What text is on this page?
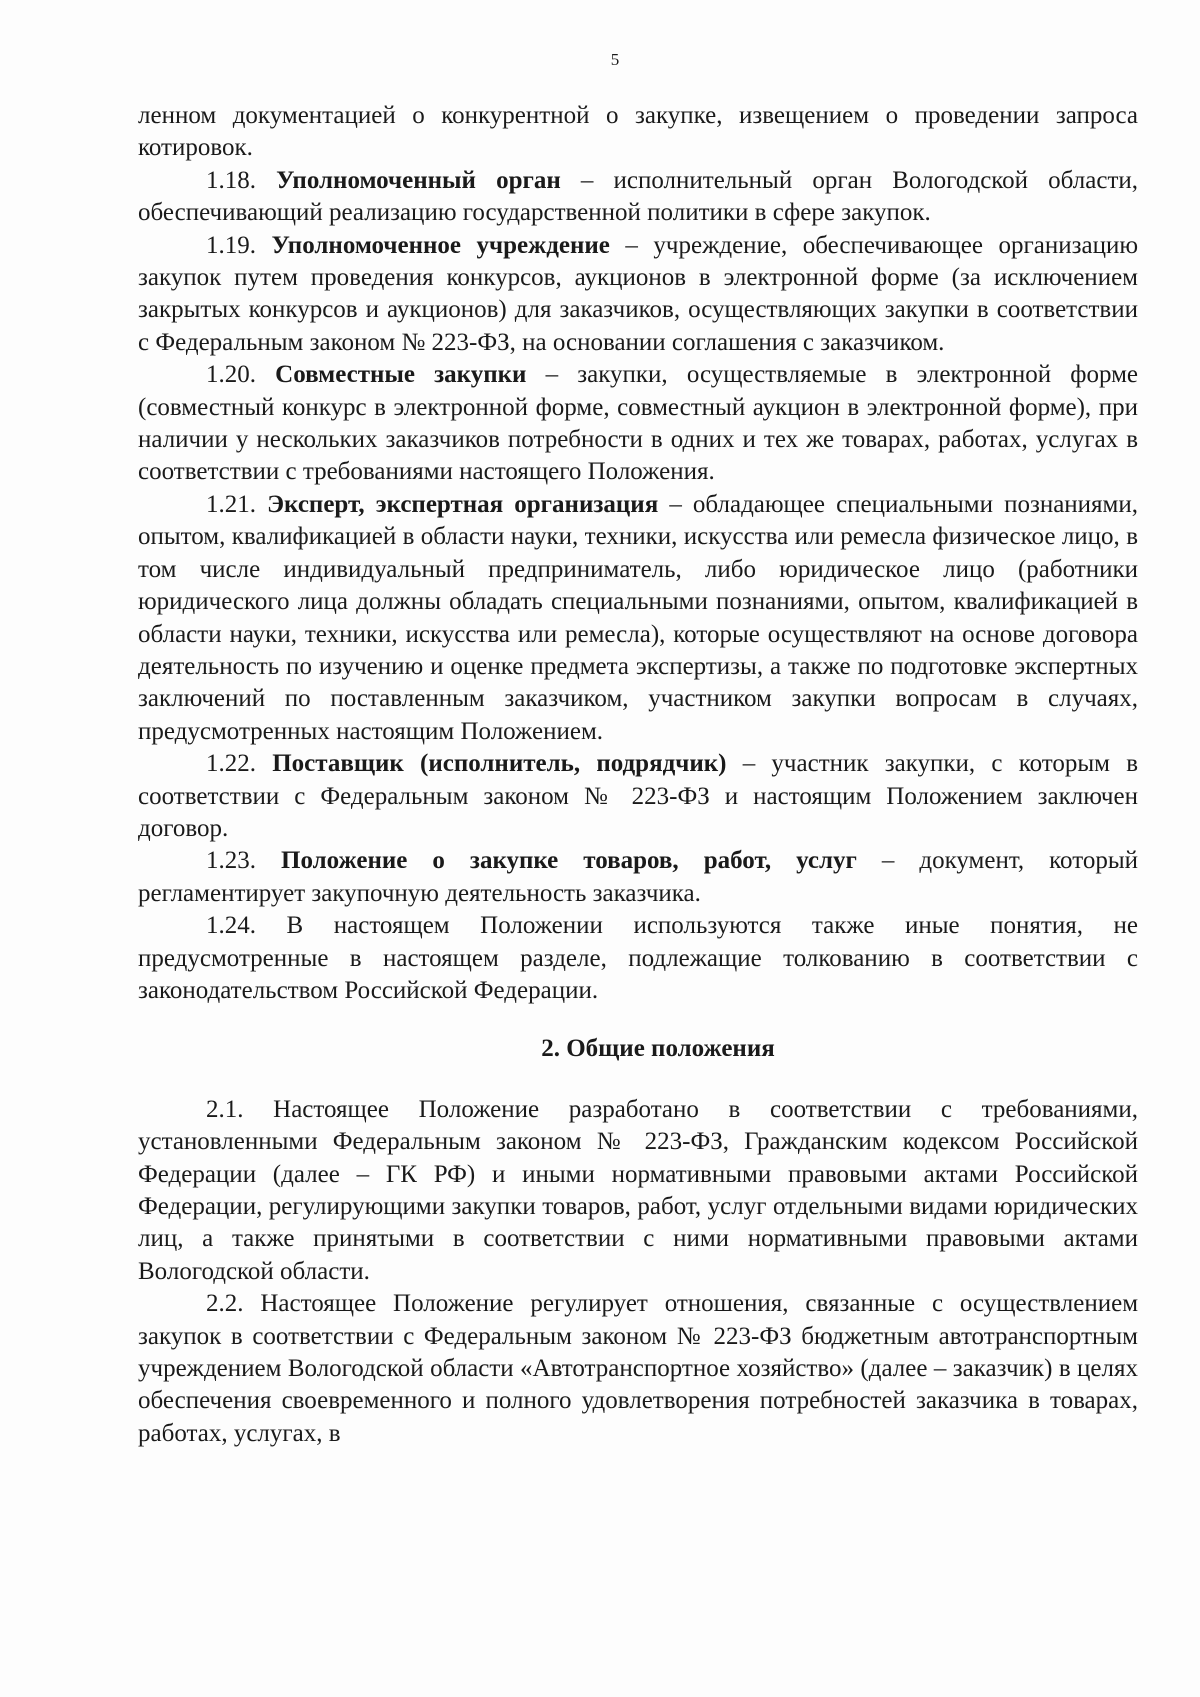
5

ленном документацией о конкурентной о закупке, извещением о проведении запроса котировок.

1.18. Уполномоченный орган – исполнительный орган Вологодской области, обеспечивающий реализацию государственной политики в сфере закупок.

1.19. Уполномоченное учреждение – учреждение, обеспечивающее организацию закупок путем проведения конкурсов, аукционов в электронной форме (за исключением закрытых конкурсов и аукционов) для заказчиков, осуществляющих закупки в соответствии с Федеральным законом № 223-ФЗ, на основании соглашения с заказчиком.

1.20. Совместные закупки – закупки, осуществляемые в электронной форме (совместный конкурс в электронной форме, совместный аукцион в электронной форме), при наличии у нескольких заказчиков потребности в одних и тех же товарах, работах, услугах в соответствии с требованиями настоящего Положения.

1.21. Эксперт, экспертная организация – обладающее специальными познаниями, опытом, квалификацией в области науки, техники, искусства или ремесла физическое лицо, в том числе индивидуальный предприниматель, либо юридическое лицо (работники юридического лица должны обладать специальными познаниями, опытом, квалификацией в области науки, техники, искусства или ремесла), которые осуществляют на основе договора деятельность по изучению и оценке предмета экспертизы, а также по подготовке экспертных заключений по поставленным заказчиком, участником закупки вопросам в случаях, предусмотренных настоящим Положением.

1.22. Поставщик (исполнитель, подрядчик) – участник закупки, с которым в соответствии с Федеральным законом № 223-ФЗ и настоящим Положением заключен договор.

1.23. Положение о закупке товаров, работ, услуг – документ, который регламентирует закупочную деятельность заказчика.

1.24. В настоящем Положении используются также иные понятия, не предусмотренные в настоящем разделе, подлежащие толкованию в соответствии с законодательством Российской Федерации.

2. Общие положения

2.1. Настоящее Положение разработано в соответствии с требованиями, установленными Федеральным законом № 223-ФЗ, Гражданским кодексом Российской Федерации (далее – ГК РФ) и иными нормативными правовыми актами Российской Федерации, регулирующими закупки товаров, работ, услуг отдельными видами юридических лиц, а также принятыми в соответствии с ними нормативными правовыми актами Вологодской области.

2.2. Настоящее Положение регулирует отношения, связанные с осуществлением закупок в соответствии с Федеральным законом № 223-ФЗ бюджетным автотранспортным учреждением Вологодской области «Автотранспортное хозяйство» (далее – заказчик) в целях обеспечения своевременного и полного удовлетворения потребностей заказчика в товарах, работах, услугах, в
